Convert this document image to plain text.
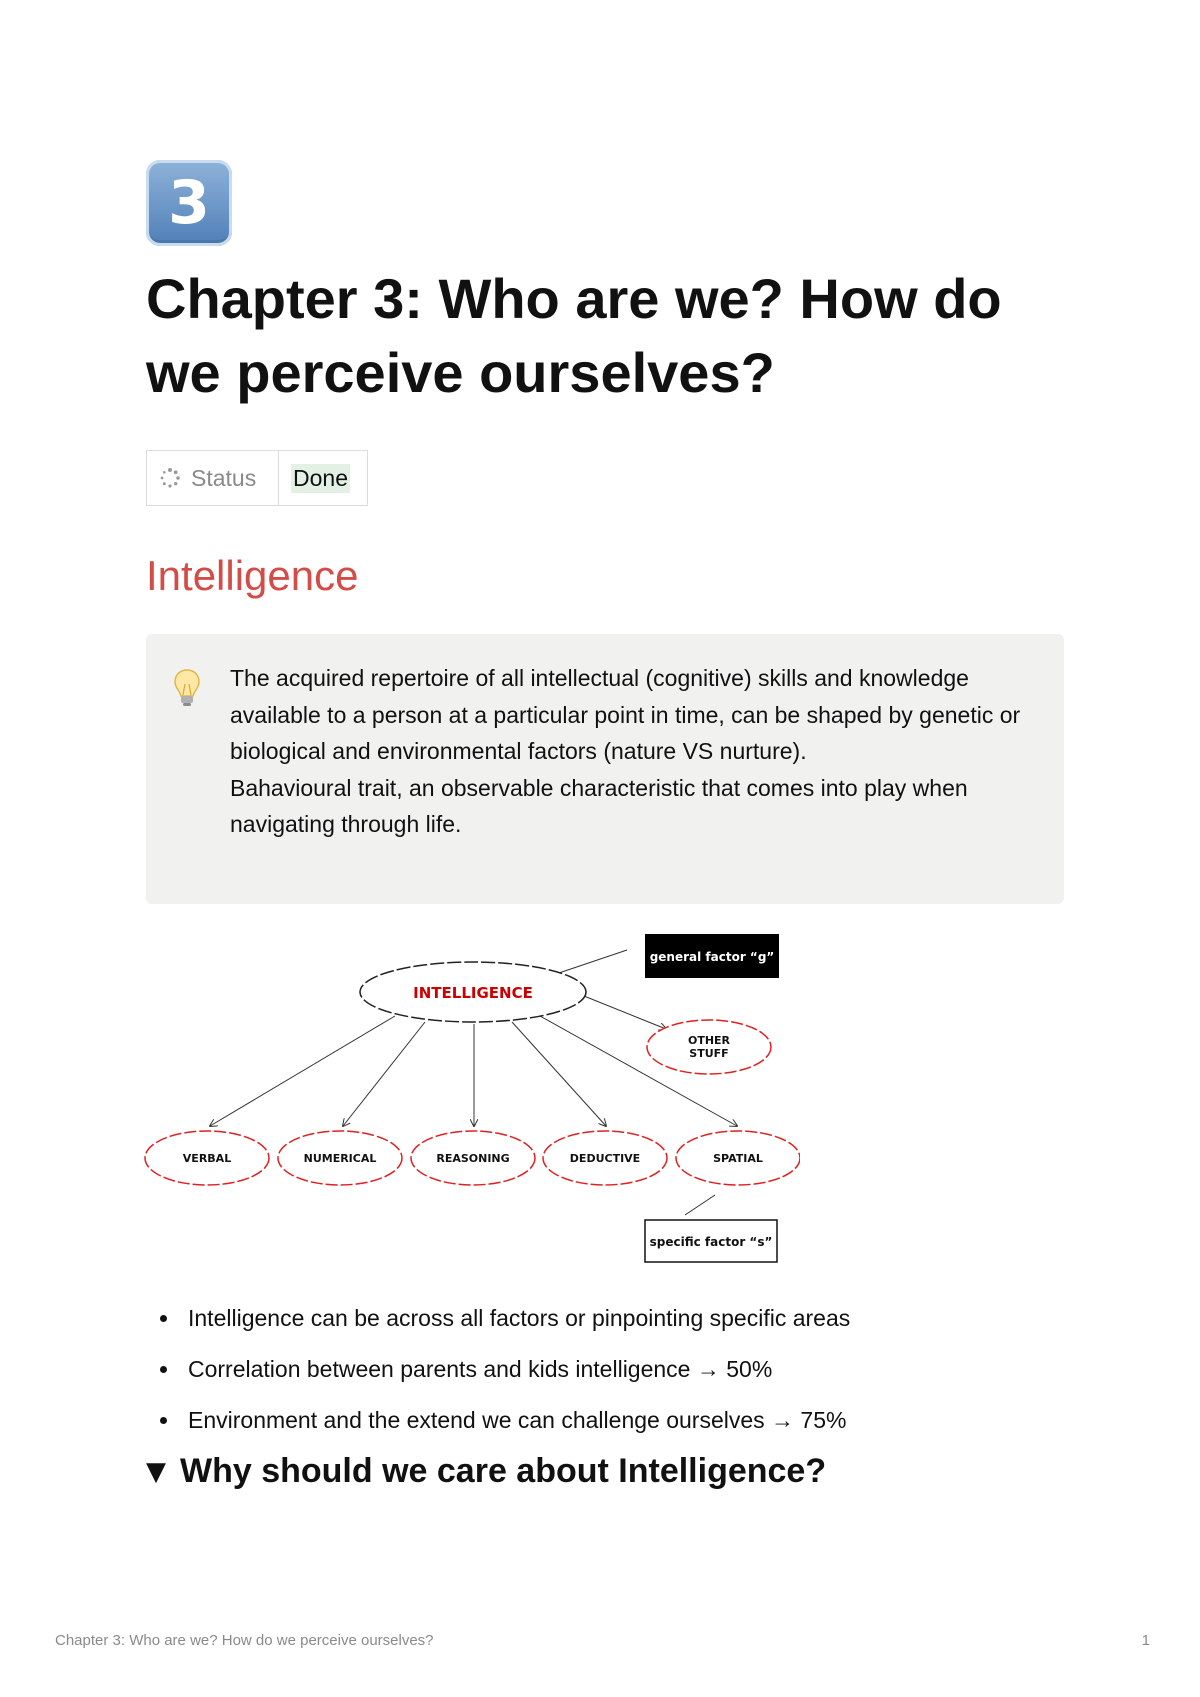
3
Chapter 3: Who are we? How do we perceive ourselves?
Status Done
Intelligence

The acquired repertoire of all intellectual (cognitive) skills and knowledge available to a person at a particular point in time, can be shaped by genetic or biological and environmental factors (nature VS nurture).

Bahavioural trait, an observable characteristic that comes into play when navigating through life.

INTELLIGENCE
general factor “g”
OTHER
STUFF
VERBAL	NUMERICAL	REASONING	DEDUCTIVE	SPATIAL
specific factor “s”
Intelligence can be across all factors or pinpointing specific areas
Correlation between parents and kids intelligence → 50%
Environment and the extend we can challenge ourselves → 75%
▼ Why should we care about Intelligence?
Chapter 3: Who are we? How do we perceive ourselves?	1
